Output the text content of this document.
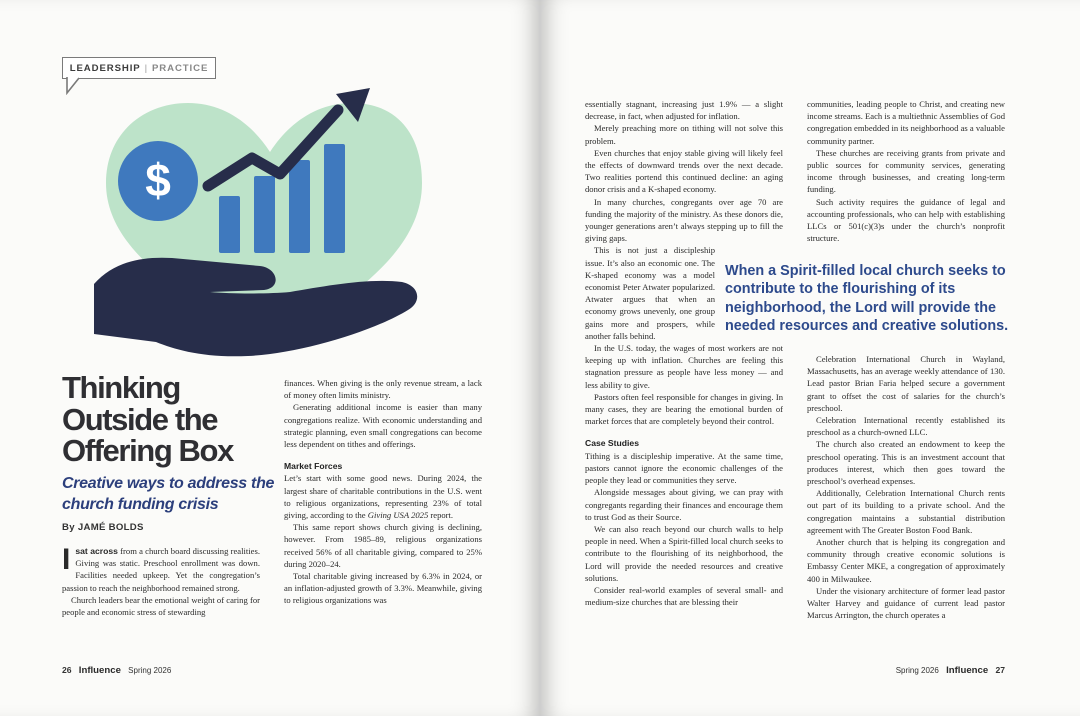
LEADERSHIP | PRACTICE
$
Thinking
Outside the
Offering Box
Creative ways to address the church funding crisis
By JAMÉ BOLDS

Isat across from a church board discussing realities. Giving was static. Preschool enrollment was down. Facilities needed upkeep. Yet the congregation’s passion to reach the neighborhood remained strong.

Church leaders bear the emotional weight of caring for people and economic stress of stewarding

finances. When giving is the only revenue stream, a lack of money often limits ministry.

Generating additional income is easier than many congregations realize. With economic understanding and strategic planning, even small congregations can become less dependent on tithes and offerings.

Market Forces

Let’s start with some good news. During 2024, the largest share of charitable contributions in the U.S. went to religious organizations, representing 23% of total giving, according to the Giving USA 2025 report.

This same report shows church giving is declining, however. From 1985–89, religious organizations received 56% of all charitable giving, compared to 25% during 2020–24.

Total charitable giving increased by 6.3% in 2024, or an inflation-adjusted growth of 3.3%. Meanwhile, giving to religious organizations was

26 Influence Spring 2026

essentially stagnant, increasing just 1.9% — a slight decrease, in fact, when adjusted for inflation.

Merely preaching more on tithing will not solve this problem.

Even churches that enjoy stable giving will likely feel the effects of downward trends over the next decade. Two realities portend this continued decline: an aging donor crisis and a K-shaped economy.

In many churches, congregants over age 70 are funding the majority of the ministry. As these donors die, younger generations aren’t always stepping up to fill the giving gaps.

This is not just a discipleship issue. It’s also an economic one. The K-shaped economy was a model economist Peter Atwater popularized. Atwater argues that when an economy grows unevenly, one group gains more and prospers, while another falls behind.

In the U.S. today, the wages of most workers are not keeping up with inflation. Churches are feeling this stagnation pressure as people have less money — and less ability to give.

Pastors often feel responsible for changes in giving. In many cases, they are bearing the emotional burden of market forces that are completely beyond their control.

Case Studies

Tithing is a discipleship imperative. At the same time, pastors cannot ignore the economic challenges of the people they lead or communities they serve.

Alongside messages about giving, we can pray with congregants regarding their finances and encourage them to trust God as their Source.

We can also reach beyond our church walls to help people in need. When a Spirit-filled local church seeks to contribute to the flourishing of its neighborhood, the Lord will provide the needed resources and creative solutions.

Consider real-world examples of several small- and medium-size churches that are blessing their

communities, leading people to Christ, and creating new income streams. Each is a multiethnic Assemblies of God congregation embedded in its neighborhood as a valuable community partner.

These churches are receiving grants from private and public sources for community services, generating income through businesses, and creating long-term funding.

Such activity requires the guidance of legal and accounting professionals, who can help with establishing LLCs or 501(c)(3)s under the church’s nonprofit structure.

When a Spirit-filled local church seeks to contribute to the flourishing of its neighborhood, the Lord will provide the needed resources and creative solutions.

Celebration International Church in Wayland, Massachusetts, has an average weekly attendance of 130. Lead pastor Brian Faria helped secure a government grant to offset the cost of salaries for the church’s preschool.

Celebration International recently established its preschool as a church-owned LLC.

The church also created an endowment to keep the preschool operating. This is an investment account that produces interest, which then goes toward the preschool’s overhead expenses.

Additionally, Celebration International Church rents out part of its building to a private school. And the congregation maintains a substantial distribution agreement with The Greater Boston Food Bank.

Another church that is helping its congregation and community through creative economic solutions is Embassy Center MKE, a congregation of approximately 400 in Milwaukee.

Under the visionary architecture of former lead pastor Walter Harvey and guidance of current lead pastor Marcus Arrington, the church operates a

Spring 2026 Influence 27
